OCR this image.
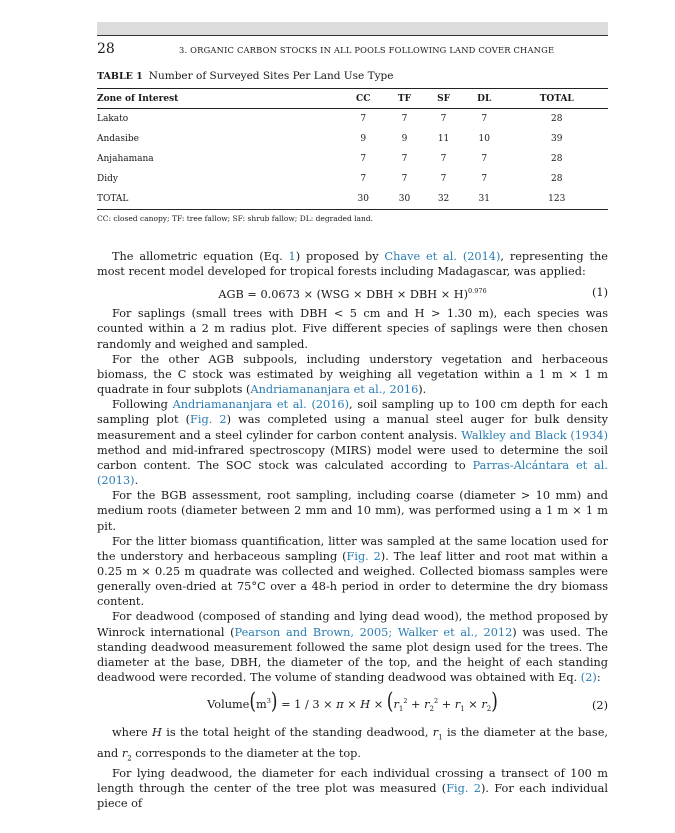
28	3. ORGANIC CARBON STOCKS IN ALL POOLS FOLLOWING LAND COVER CHANGE
TABLE 1 Number of Surveyed Sites Per Land Use Type
Zone of Interest	CC	TF	SF	DL	TOTAL
Lakato	7	7	7	7	28
Andasibe	9	9	11	10	39
Anjahamana	7	7	7	7	28
Didy	7	7	7	7	28
TOTAL	30	30	32	31	123
CC: closed canopy; TF: tree fallow; SF: shrub fallow; DL: degraded land.

The allometric equation (Eq. 1) proposed by Chave et al. (2014), representing the most recent model developed for tropical forests including Madagascar, was applied:

AGB = 0.0673 × (WSG × DBH × DBH × H)$^{0.976}$	(1)

For saplings (small trees with DBH < 5 cm and H > 1.30 m), each species was counted within a 2 m radius plot. Five different species of saplings were then chosen randomly and weighed and sampled.

For the other AGB subpools, including understory vegetation and herbaceous biomass, the C stock was estimated by weighing all vegetation within a 1 m × 1 m quadrate in four subplots (Andriamananjara et al., 2016).

Following Andriamananjara et al. (2016), soil sampling up to 100 cm depth for each sampling plot (Fig. 2) was completed using a manual steel auger for bulk density measurement and a steel cylinder for carbon content analysis. Walkley and Black (1934) method and mid-infrared spectroscopy (MIRS) model were used to determine the soil carbon content. The SOC stock was calculated according to Parras-Alcántara et al. (2013).

For the BGB assessment, root sampling, including coarse (diameter > 10 mm) and medium roots (diameter between 2 mm and 10 mm), was performed using a 1 m × 1 m pit.

For the litter biomass quantification, litter was sampled at the same location used for the understory and herbaceous sampling (Fig. 2). The leaf litter and root mat within a 0.25 m × 0.25 m quadrate was collected and weighed. Collected biomass samples were generally oven-dried at 75°C over a 48-h period in order to determine the dry biomass content.

For deadwood (composed of standing and lying dead wood), the method proposed by Winrock international (Pearson and Brown, 2005; Walker et al., 2012) was used. The standing deadwood measurement followed the same plot design used for the trees. The diameter at the base, DBH, the diameter of the top, and the height of each standing deadwood were recorded. The volume of standing deadwood was obtained with Eq. (2):

$Volume(m^3) = 1 / 3 \times \pi \times H \times (r_1^2 + r_2^2 + r_1 \times r_2)$	(2)

where H is the total height of the standing deadwood, $r_1$ is the diameter at the base, and $r_2$ corresponds to the diameter at the top.

For lying deadwood, the diameter for each individual crossing a transect of 100 m length through the center of the tree plot was measured (Fig. 2). For each individual piece of
